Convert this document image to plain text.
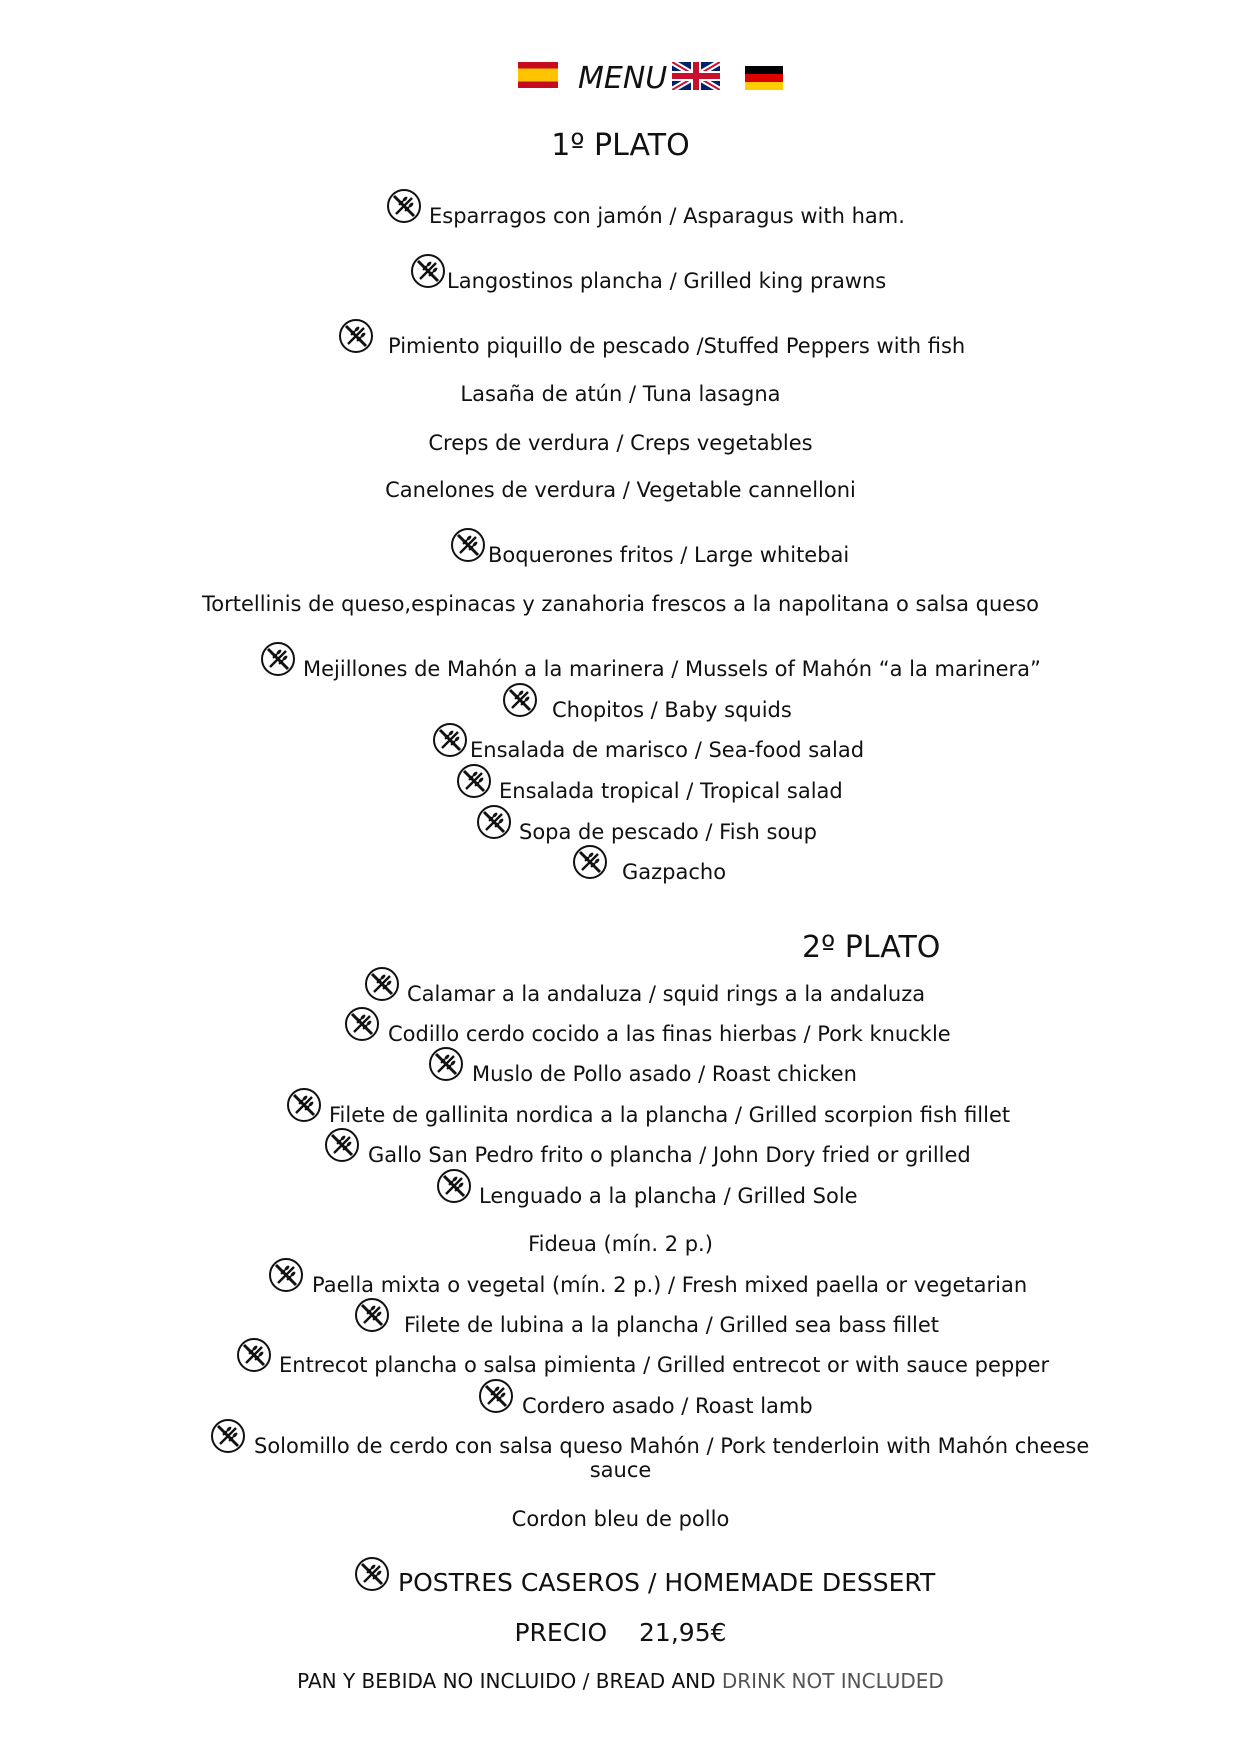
MENU
1º PLATO
Esparragos con jamón / Asparagus with ham.
Langostinos plancha / Grilled king prawns
Pimiento piquillo de pescado /Stuffed Peppers with fish
Lasaña de atún / Tuna lasagna
Creps de verdura / Creps vegetables
Canelones de verdura / Vegetable cannelloni
Boquerones fritos / Large whitebai
Tortellinis de queso,espinacas y zanahoria frescos a la napolitana o salsa queso
Mejillones de Mahón a la marinera / Mussels of Mahón “a la marinera”
Chopitos / Baby squids
Ensalada de marisco / Sea-food salad
Ensalada tropical / Tropical salad
Sopa de pescado / Fish soup
Gazpacho
2º PLATO
Calamar a la andaluza / squid rings a la andaluza
Codillo cerdo cocido a las finas hierbas / Pork knuckle
Muslo de Pollo asado / Roast chicken
Filete de gallinita nordica a la plancha / Grilled scorpion fish fillet
Gallo San Pedro frito o plancha / John Dory fried or grilled
Lenguado a la plancha / Grilled Sole
Fideua (mín. 2 p.)
Paella mixta o vegetal (mín. 2 p.) / Fresh mixed paella or vegetarian
Filete de lubina a la plancha / Grilled sea bass fillet
Entrecot plancha o salsa pimienta / Grilled entrecot or with sauce pepper
Cordero asado / Roast lamb
Solomillo de cerdo con salsa queso Mahón / Pork tenderloin with Mahón cheese
sauce
Cordon bleu de pollo
POSTRES CASEROS / HOMEMADE DESSERT
PRECIO 21,95€
PAN Y BEBIDA NO INCLUIDO / BREAD AND DRINK NOT INCLUDED
